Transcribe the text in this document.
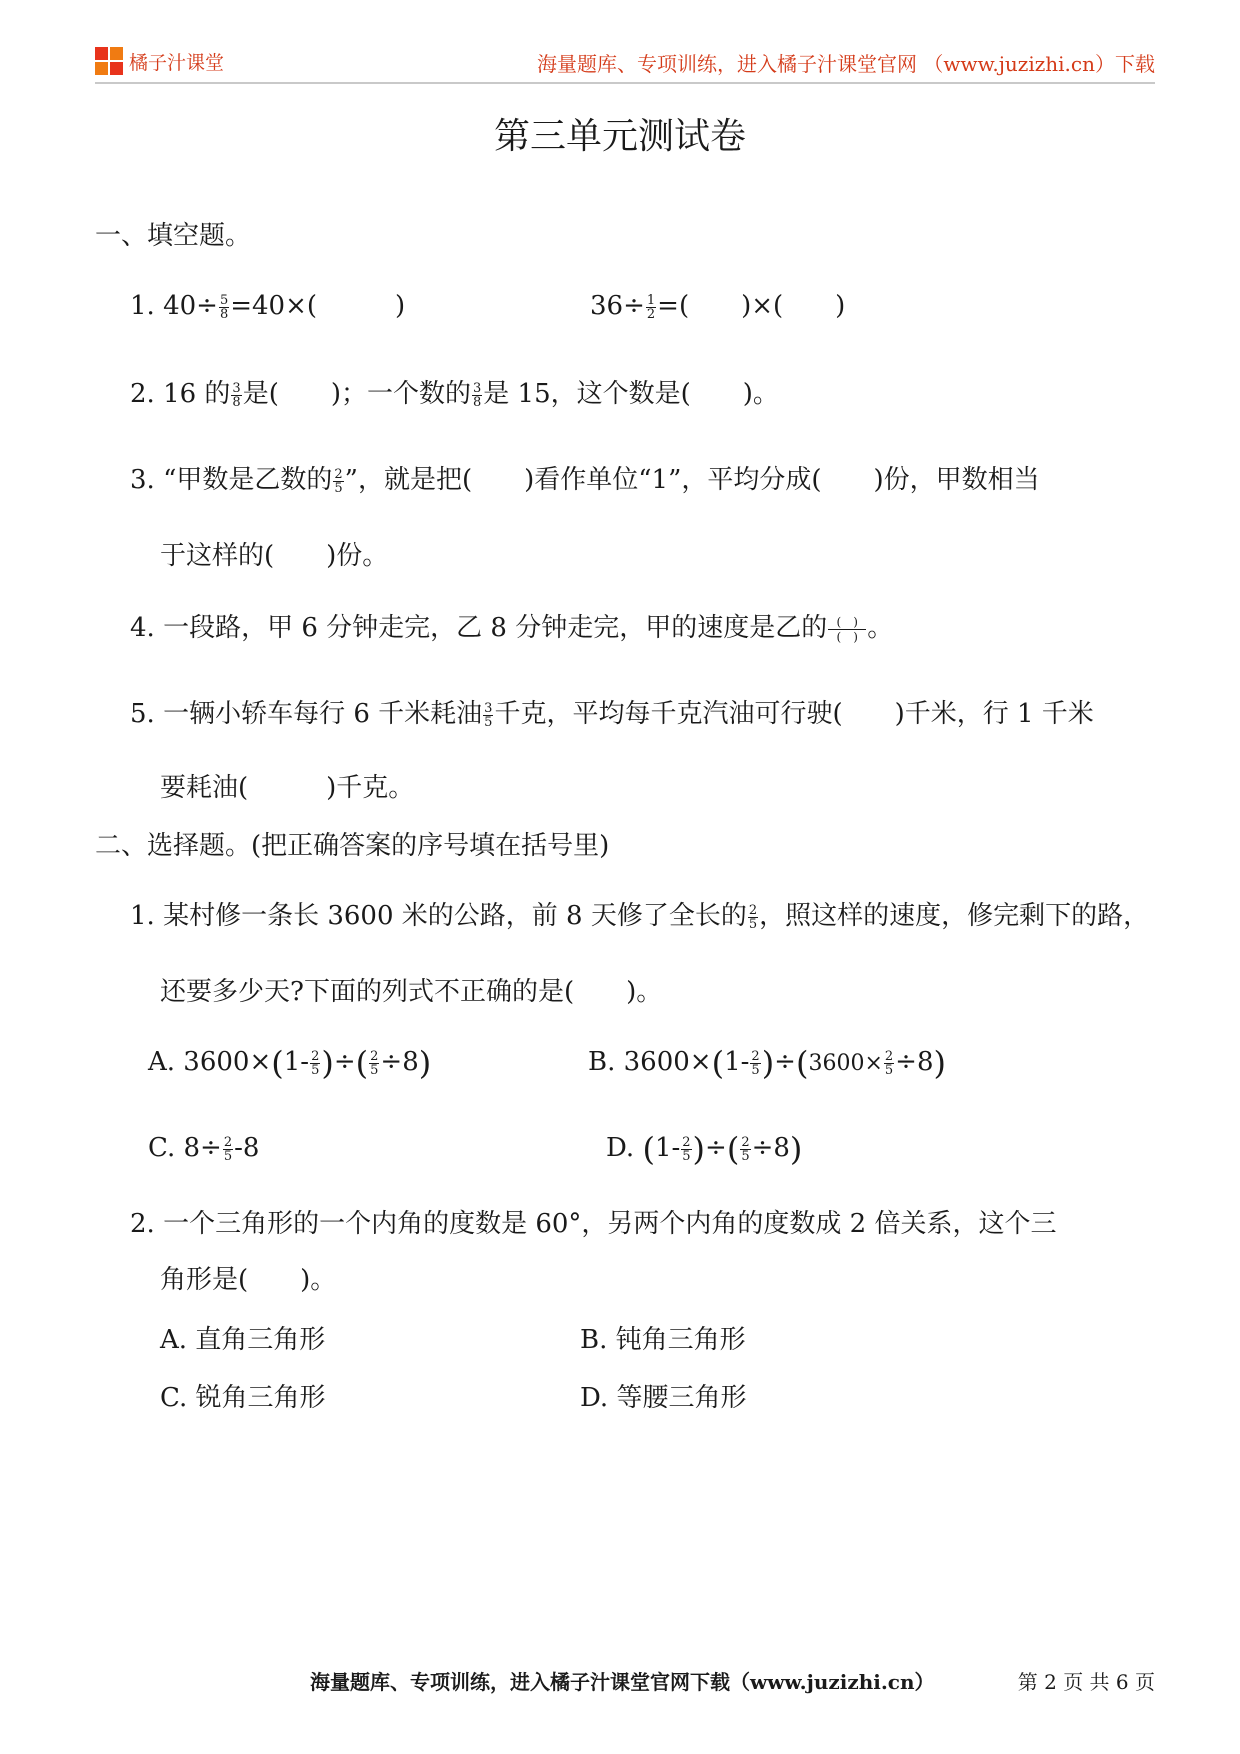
橘子汁课堂	海量题库、专项训练，进入橘子汁课堂官网 （www.juzizhi.cn）下载
第三单元测试卷
一、填空题。
1. $40\div \frac{5}{8} =40\times$(　　　)	$36\div \frac{1}{2}$ =(　　)×(　　)
2. 16 的 $\frac{3}{8}$ 是(　　)；一个数的 $\frac{3}{8}$ 是 15，这个数是(　　)。
3. “甲数是乙数的 $\frac{2}{5}$ ”，就是把(　　)看作单位“1”，平均分成(　　)份，甲数相当
于这样的(　　)份。
4. 一段路，甲 6 分钟走完，乙 8 分钟走完，甲的速度是乙的 $\frac{( )}{( )}$ 。
5. 一辆小轿车每行 6 千米耗油 $\frac{3}{5}$ 千克，平均每千克汽油可行驶(　　)千米，行 1 千米
要耗油(　　　)千克。
二、选择题。(把正确答案的序号填在括号里)
1. 某村修一条长 3600 米的公路，前 8 天修了全长的 $\frac{2}{5}$ ，照这样的速度，修完剩下的路，
还要多少天?下面的列式不正确的是(　　)。
A. $3600\times(1- \frac{2}{5}$ )÷( $\frac{2}{5} \div 8$)	B. $3600\times(1- \frac{2}{5} )\div(3600\times \frac{2}{5} \div 8)$
C. $8\div \frac{2}{5} -8$	D. ($1- \frac{2}{5}$ )÷( $\frac{2}{5} \div 8$)
2. 一个三角形的一个内角的度数是 60°，另两个内角的度数成 2 倍关系，这个三
角形是(　　)。
A. 直角三角形	B. 钝角三角形
C. 锐角三角形	D. 等腰三角形
海量题库、专项训练，进入橘子汁课堂官网下载（www.juzizhi.cn）	第 2 页 共 6 页
